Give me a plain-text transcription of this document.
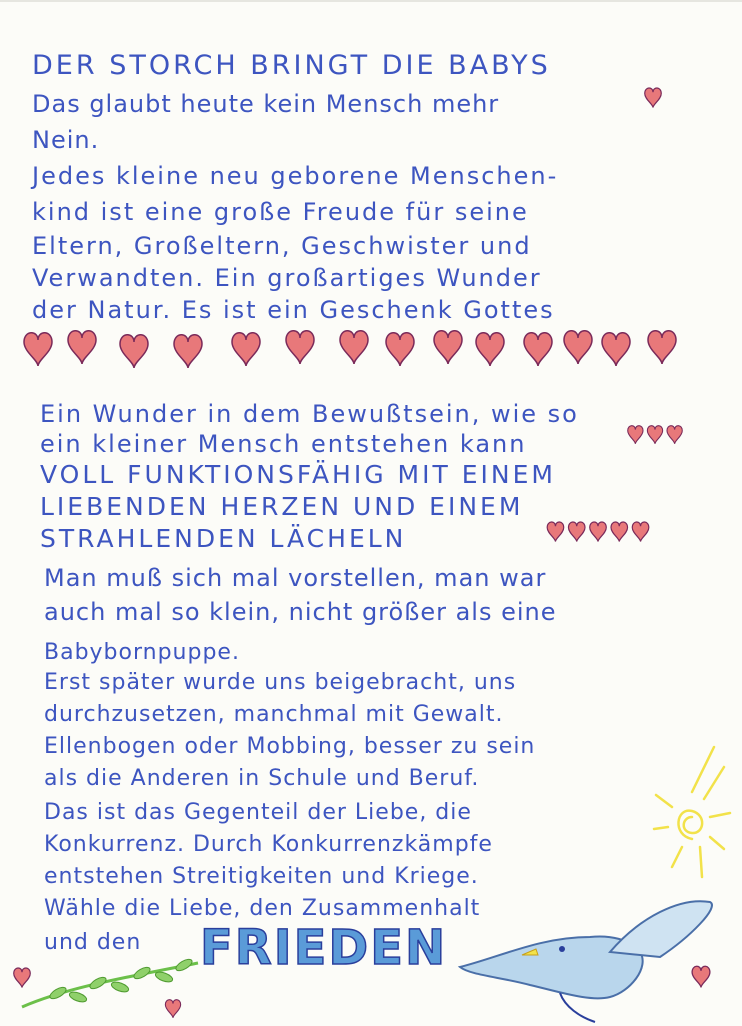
DER STORCH BRINGT DIE BABYS
Das glaubt heute kein Mensch mehr
Nein.
Jedes kleine neu geborene Menschen-
kind ist eine große Freude für seine
Eltern, Großeltern, Geschwister und
Verwandten. Ein großartiges Wunder
der Natur. Es ist ein Geschenk Gottes
Ein Wunder in dem Bewußtsein, wie so
ein kleiner Mensch entstehen kann
VOLL FUNKTIONSFÄHIG MIT EINEM
LIEBENDEN HERZEN UND EINEM
STRAHLENDEN LÄCHELN
Man muß sich mal vorstellen, man war
auch mal so klein, nicht größer als eine
Babybornpuppe.
Erst später wurde uns beigebracht, uns
durchzusetzen, manchmal mit Gewalt.
Ellenbogen oder Mobbing, besser zu sein
als die Anderen in Schule und Beruf.
Das ist das Gegenteil der Liebe, die
Konkurrenz. Durch Konkurrenzkämpfe
entstehen Streitigkeiten und Kriege.
Wähle die Liebe, den Zusammenhalt
und den FRIEDEN
